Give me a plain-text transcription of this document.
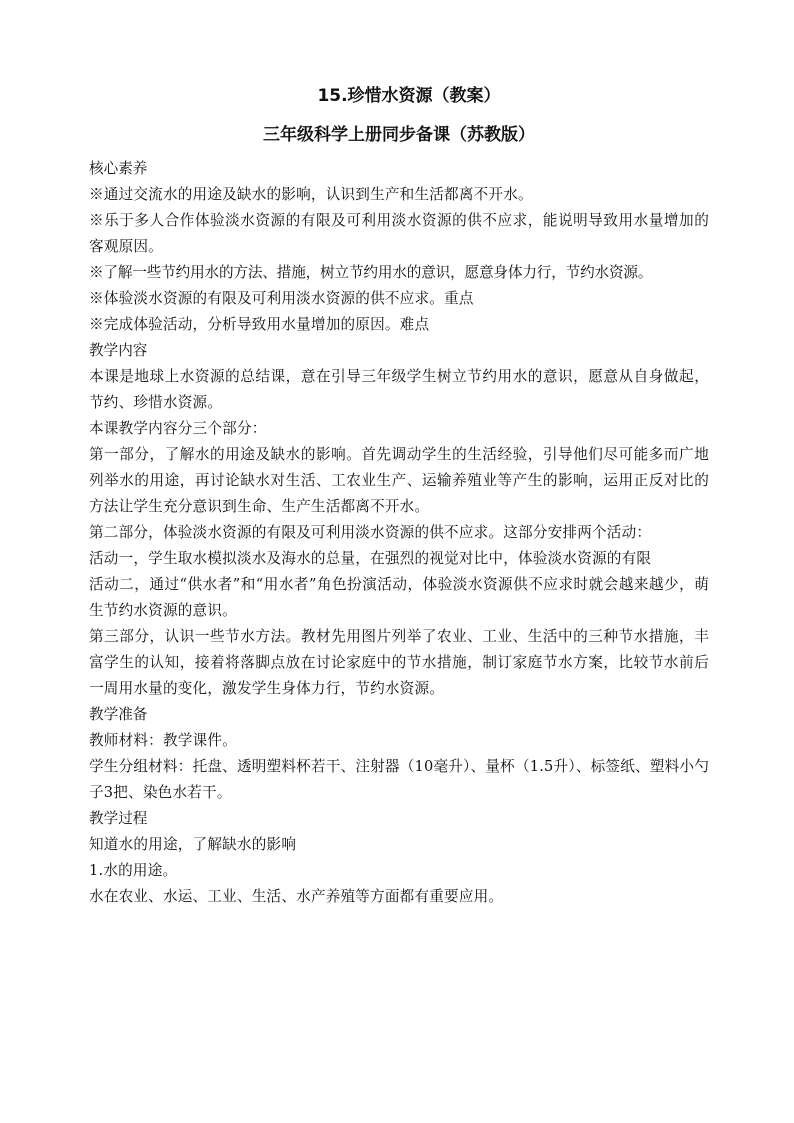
15.珍惜水资源（教案）
三年级科学上册同步备课（苏教版）

核心素养

※通过交流水的用途及缺水的影响，认识到生产和生活都离不开水。

※乐于多人合作体验淡水资源的有限及可利用淡水资源的供不应求，能说明导致用水量增加的客观原因。

※了解一些节约用水的方法、措施，树立节约用水的意识，愿意身体力行，节约水资源。

※体验淡水资源的有限及可利用淡水资源的供不应求。重点

※完成体验活动，分析导致用水量增加的原因。难点

教学内容

本课是地球上水资源的总结课，意在引导三年级学生树立节约用水的意识，愿意从自身做起，节约、珍惜水资源。

本课教学内容分三个部分：

第一部分，了解水的用途及缺水的影响。首先调动学生的生活经验，引导他们尽可能多而广地列举水的用途，再讨论缺水对生活、工农业生产、运输养殖业等产生的影响，运用正反对比的方法让学生充分意识到生命、生产生活都离不开水。

第二部分，体验淡水资源的有限及可利用淡水资源的供不应求。这部分安排两个活动：

活动一，学生取水模拟淡水及海水的总量，在强烈的视觉对比中，体验淡水资源的有限

活动二，通过“供水者”和“用水者”角色扮演活动，体验淡水资源供不应求时就会越来越少，萌生节约水资源的意识。

第三部分，认识一些节水方法。教材先用图片列举了农业、工业、生活中的三种节水措施，丰富学生的认知，接着将落脚点放在讨论家庭中的节水措施，制订家庭节水方案，比较节水前后一周用水量的变化，激发学生身体力行，节约水资源。

教学准备

教师材料：教学课件。

学生分组材料：托盘、透明塑料杯若干、注射器（10毫升）、量杯（1.5升）、标签纸、塑料小勺子3把、染色水若干。

教学过程

知道水的用途，了解缺水的影响

1.水的用途。

水在农业、水运、工业、生活、水产养殖等方面都有重要应用。
